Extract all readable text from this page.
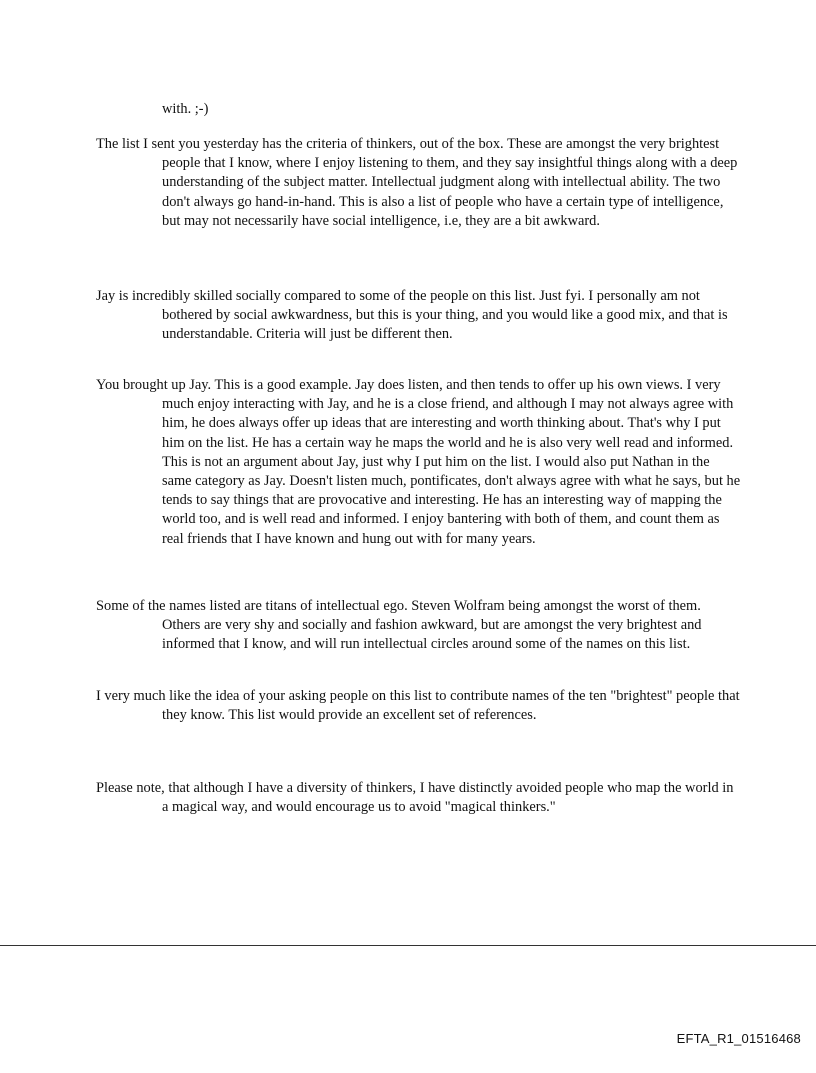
with. ;-)

The list I sent you yesterday has the criteria of thinkers, out of the box. These are amongst the very brightest people that I know, where I enjoy listening to them, and they say insightful things along with a deep understanding of the subject matter. Intellectual judgment along with intellectual ability. The two don't always go hand-in-hand. This is also a list of people who have a certain type of intelligence, but may not necessarily have social intelligence, i.e, they are a bit awkward.

Jay is incredibly skilled socially compared to some of the people on this list. Just fyi. I personally am not bothered by social awkwardness, but this is your thing, and you would like a good mix, and that is understandable. Criteria will just be different then.

You brought up Jay. This is a good example. Jay does listen, and then tends to offer up his own views. I very much enjoy interacting with Jay, and he is a close friend, and although I may not always agree with him, he does always offer up ideas that are interesting and worth thinking about. That's why I put him on the list. He has a certain way he maps the world and he is also very well read and informed. This is not an argument about Jay, just why I put him on the list. I would also put Nathan in the same category as Jay. Doesn't listen much, pontificates, don't always agree with what he says, but he tends to say things that are provocative and interesting. He has an interesting way of mapping the world too, and is well read and informed. I enjoy bantering with both of them, and count them as real friends that I have known and hung out with for many years.

Some of the names listed are titans of intellectual ego. Steven Wolfram being amongst the worst of them. Others are very shy and socially and fashion awkward, but are amongst the very brightest and informed that I know, and will run intellectual circles around some of the names on this list.

I very much like the idea of your asking people on this list to contribute names of the ten "brightest" people that they know. This list would provide an excellent set of references.

Please note, that although I have a diversity of thinkers, I have distinctly avoided people who map the world in a magical way, and would encourage us to avoid "magical thinkers."

EFTA_R1_01516468
